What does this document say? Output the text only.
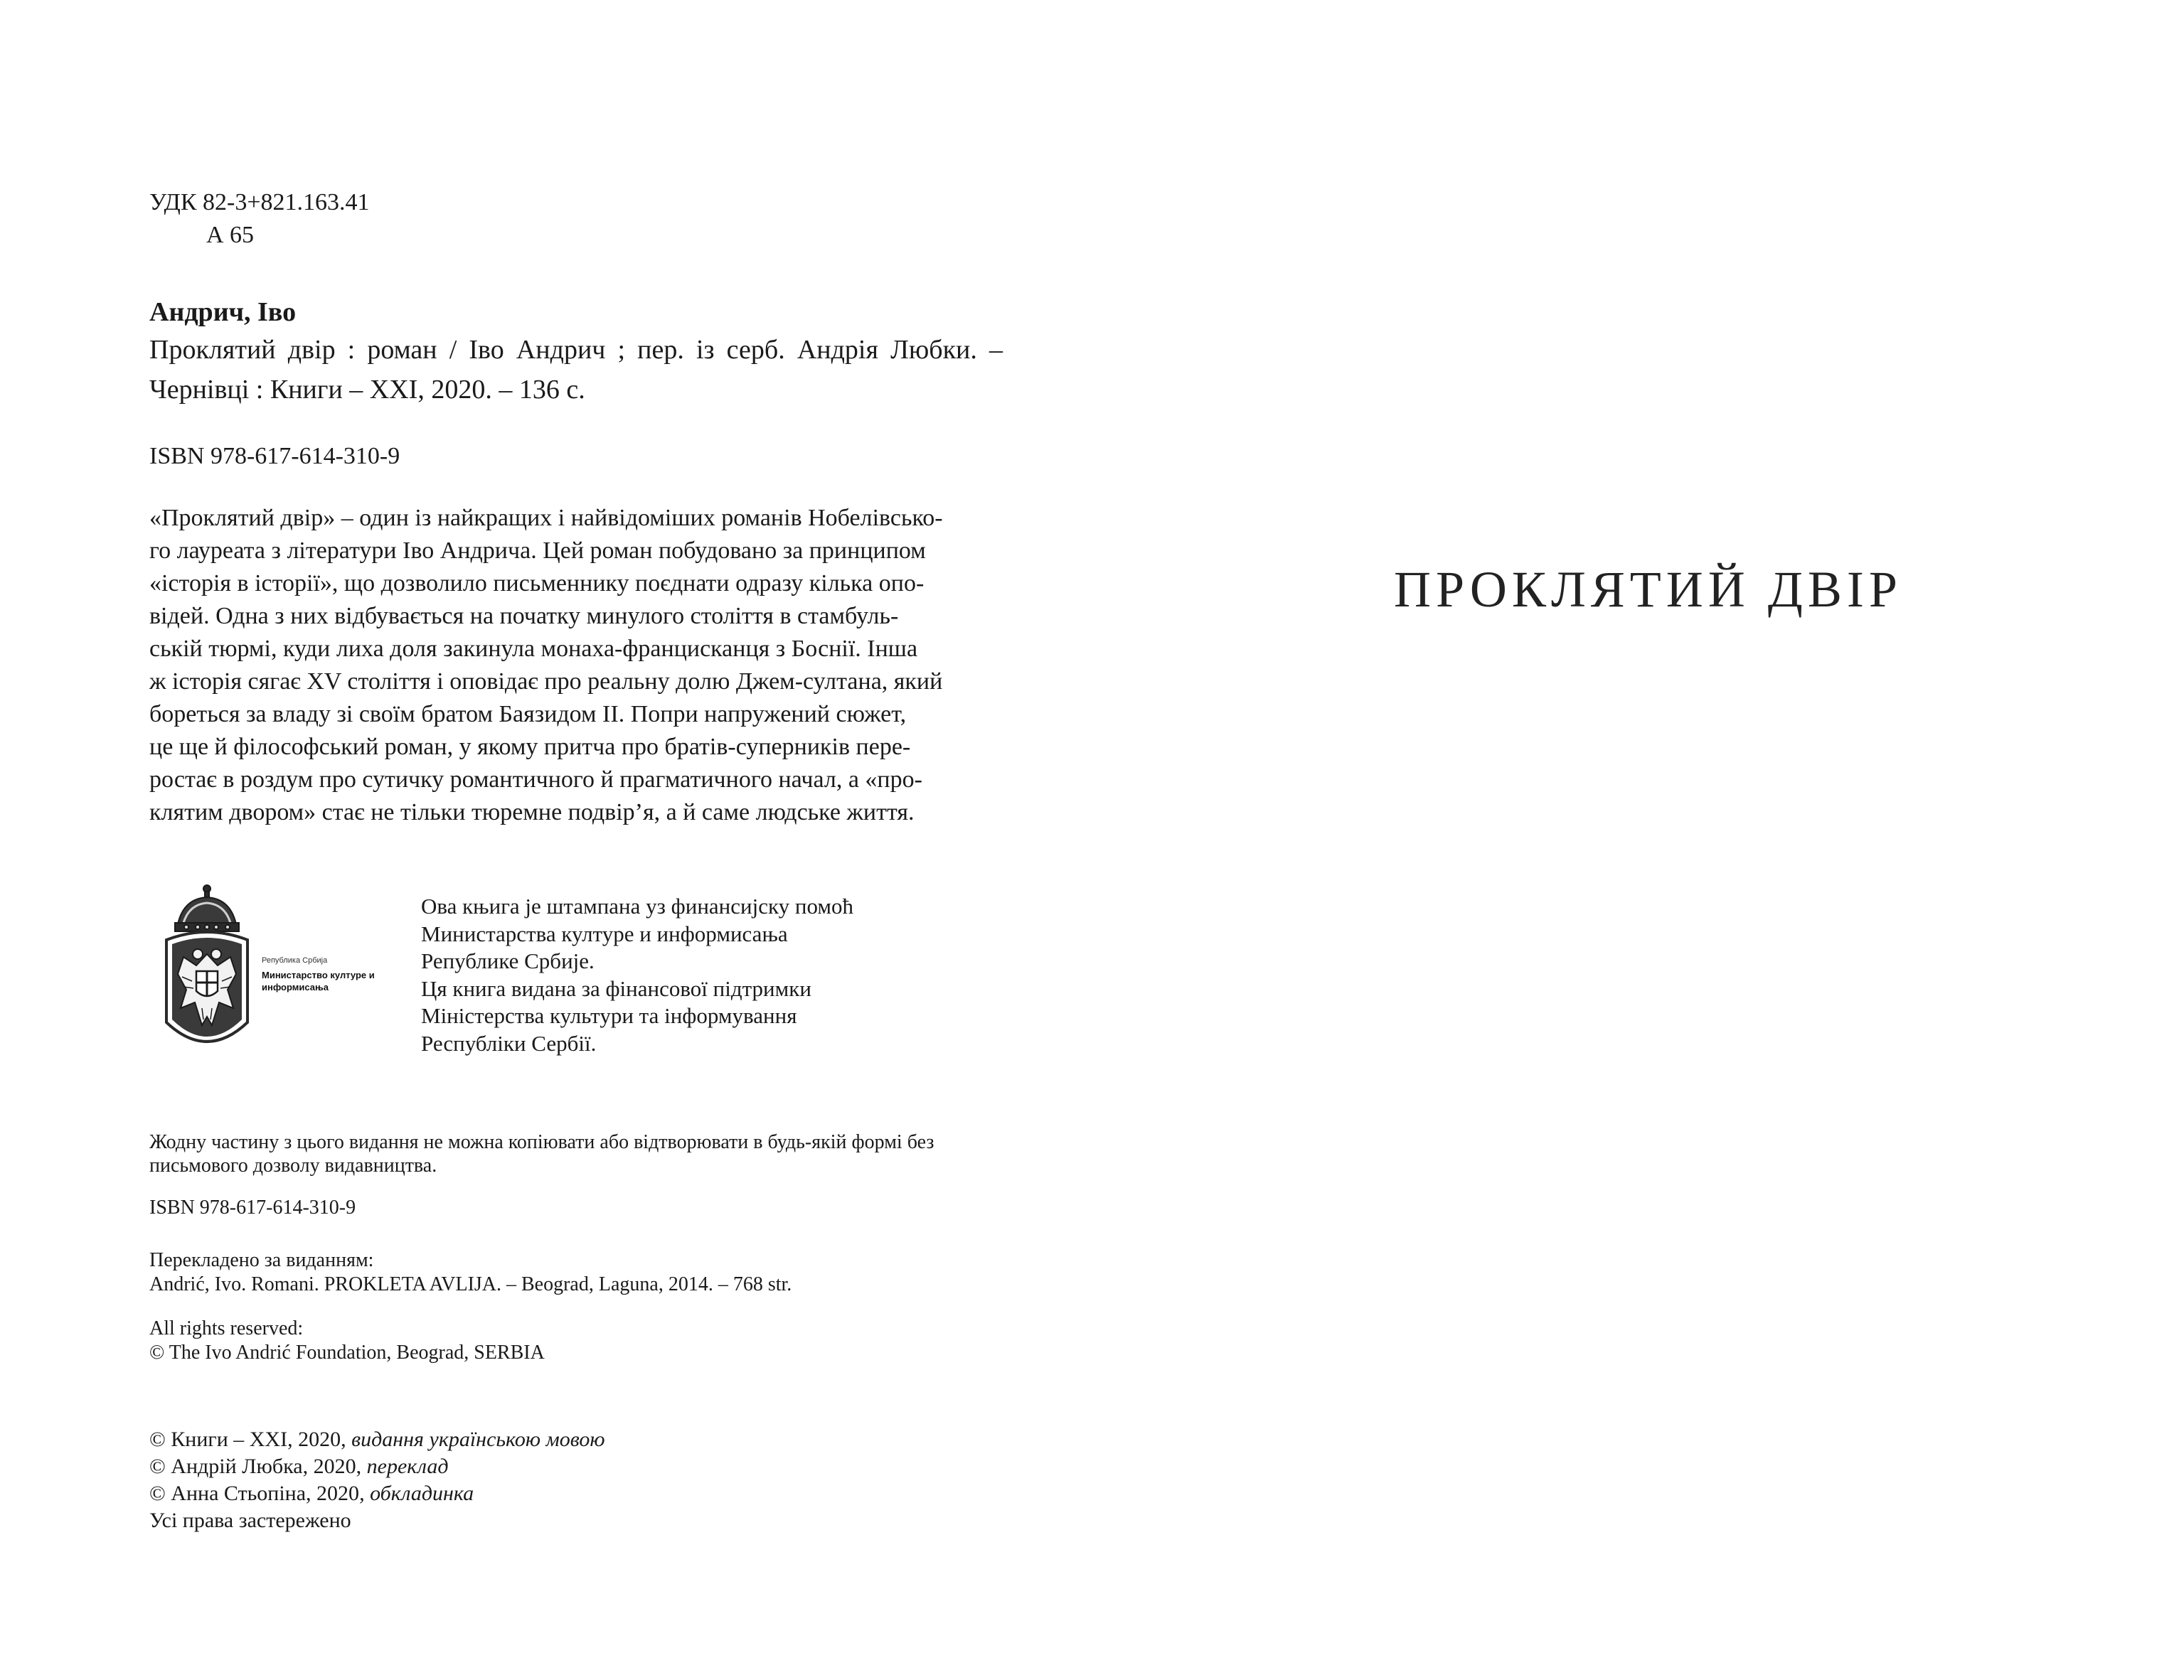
УДК 82-3+821.163.41
А 65
Андрич, Іво
Проклятий двір : роман / Іво Андрич ; пер. із серб. Андрія Любки. – Чернівці : Книги – ХХІ, 2020. – 136 с.
ISBN 978-617-614-310-9

«Проклятий двір» – один із найкращих і найвідоміших романів Нобелівсько-

го лауреата з літератури Іво Андрича. Цей роман побудовано за принципом

«історія в історії», що дозволило письменнику поєднати одразу кілька опо-

відей. Одна з них відбувається на початку минулого століття в стамбуль-

ській тюрмі, куди лиха доля закинула монаха-францисканця з Боснії. Інша

ж історія сягає XV століття і оповідає про реальну долю Джем-султана, який

бореться за владу зі своїм братом Баязидом II. Попри напружений сюжет,

це ще й філософський роман, у якому притча про братів-суперників пере-

ростає в роздум про сутичку романтичного й прагматичного начал, а «про-

клятим двором» стає не тільки тюремне подвір’я, а й саме людське життя.

Република Србија
Министарство културе и
информисања
Ова књига је штампана уз финансијску помоћ
Министарства културе и информисања
Републике Србије.
Ця книга видана за фінансової підтримки
Міністерства культури та інформування
Республіки Сербії.
Жодну частину з цього видання не можна копіювати або відтворювати в будь-якій формі без письмового дозволу видавництва.
ISBN 978-617-614-310-9
Перекладено за виданням:
Andrić, Ivo. Romani. PROKLETA AVLIJA. – Beograd, Laguna, 2014. – 768 str.
All rights reserved:
© The Ivo Andrić Foundation, Beograd, SERBIA
© Книги – ХХІ, 2020, видання українською мовою
© Андрій Любка, 2020, переклад
© Анна Стьопіна, 2020, обкладинка
Усі права застережено
ПРОКЛЯТИЙ ДВІР
